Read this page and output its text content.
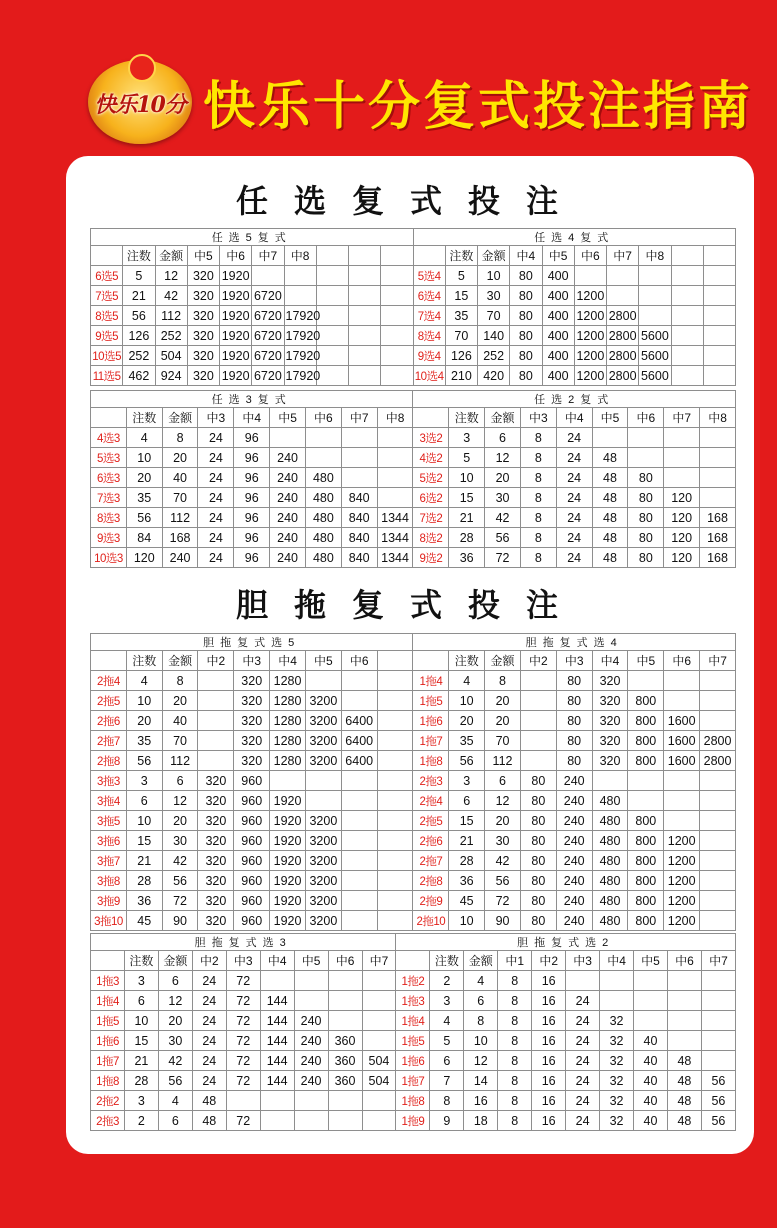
快乐10分 快乐十分复式投注指南
任选复式投注
任选5复式										任选4复式									
	注数	金额	中5	中6	中7	中8					注数	金额	中4	中5	中6	中7	中8		
6选5	5	12	320	1920						5选4	5	10	80	400					
7选5	21	42	320	1920	6720					6选4	15	30	80	400	1200				
8选5	56	112	320	1920	6720	17920				7选4	35	70	80	400	1200	2800			
9选5	126	252	320	1920	6720	17920				8选4	70	140	80	400	1200	2800	5600		
10选5	252	504	320	1920	6720	17920				9选4	126	252	80	400	1200	2800	5600		
11选5	462	924	320	1920	6720	17920				10选4	210	420	80	400	1200	2800	5600		
任选3复式									任选2复式								
	注数	金额	中3	中4	中5	中6	中7	中8		注数	金额	中3	中4	中5	中6	中7	中8
4选3	4	8	24	96					3选2	3	6	8	24				
5选3	10	20	24	96	240				4选2	5	12	8	24	48			
6选3	20	40	24	96	240	480			5选2	10	20	8	24	48	80		
7选3	35	70	24	96	240	480	840		6选2	15	30	8	24	48	80	120	
8选3	56	112	24	96	240	480	840	1344	7选2	21	42	8	24	48	80	120	168
9选3	84	168	24	96	240	480	840	1344	8选2	28	56	8	24	48	80	120	168
10选3	120	240	24	96	240	480	840	1344	9选2	36	72	8	24	48	80	120	168
胆拖复式投注
胆拖复式选5									胆拖复式选4								
	注数	金额	中2	中3	中4	中5	中6			注数	金额	中2	中3	中4	中5	中6	中7
2拖4	4	8		320	1280				1拖4	4	8		80	320			
2拖5	10	20		320	1280	3200			1拖5	10	20		80	320	800		
2拖6	20	40		320	1280	3200	6400		1拖6	20	20		80	320	800	1600	
2拖7	35	70		320	1280	3200	6400		1拖7	35	70		80	320	800	1600	2800
2拖8	56	112		320	1280	3200	6400		1拖8	56	112		80	320	800	1600	2800
3拖3	3	6	320	960					2拖3	3	6	80	240				
3拖4	6	12	320	960	1920				2拖4	6	12	80	240	480			
3拖5	10	20	320	960	1920	3200			2拖5	15	20	80	240	480	800		
3拖6	15	30	320	960	1920	3200			2拖6	21	30	80	240	480	800	1200	
3拖7	21	42	320	960	1920	3200			2拖7	28	42	80	240	480	800	1200	
3拖8	28	56	320	960	1920	3200			2拖8	36	56	80	240	480	800	1200	
3拖9	36	72	320	960	1920	3200			2拖9	45	72	80	240	480	800	1200	
3拖10	45	90	320	960	1920	3200			2拖10	10	90	80	240	480	800	1200	
胆拖复式选3									胆拖复式选2									
	注数	金额	中2	中3	中4	中5	中6	中7		注数	金额	中1	中2	中3	中4	中5	中6	中7
1拖3	3	6	24	72					1拖2	2	4	8	16					
1拖4	6	12	24	72	144				1拖3	3	6	8	16	24				
1拖5	10	20	24	72	144	240			1拖4	4	8	8	16	24	32			
1拖6	15	30	24	72	144	240	360		1拖5	5	10	8	16	24	32	40		
1拖7	21	42	24	72	144	240	360	504	1拖6	6	12	8	16	24	32	40	48	
1拖8	28	56	24	72	144	240	360	504	1拖7	7	14	8	16	24	32	40	48	56
2拖2	3	4	48						1拖8	8	16	8	16	24	32	40	48	56
2拖3	2	6	48	72					1拖9	9	18	8	16	24	32	40	48	56
